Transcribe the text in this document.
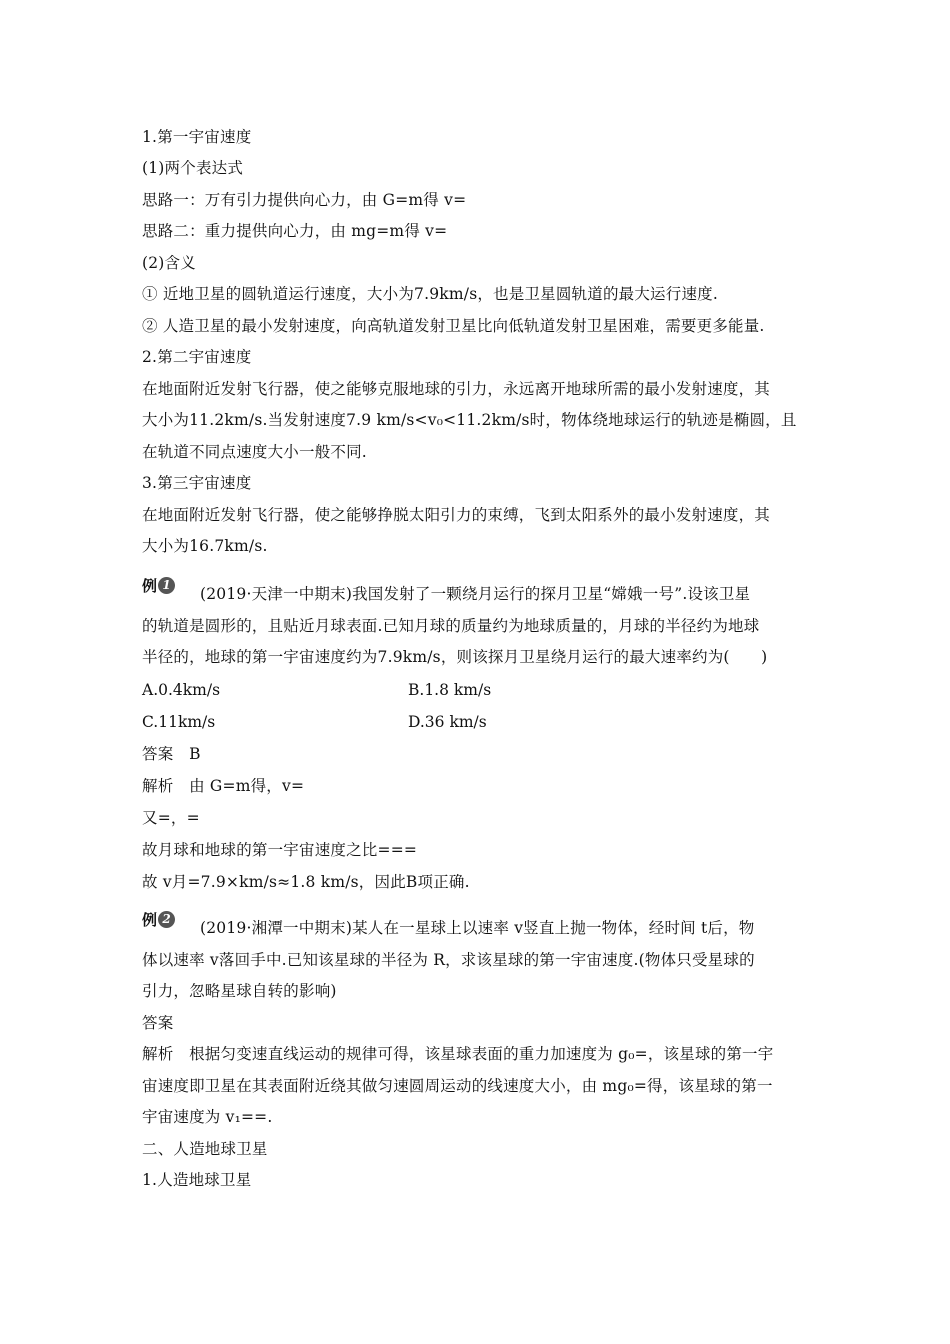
1.第一宇宙速度
(1)两个表达式
思路一：万有引力提供向心力，由 G=m得 v=
思路二：重力提供向心力，由 mg=m得 v=
(2)含义
① 近地卫星的圆轨道运行速度，大小为7.9km/s，也是卫星圆轨道的最大运行速度.
② 人造卫星的最小发射速度，向高轨道发射卫星比向低轨道发射卫星困难，需要更多能量.
2.第二宇宙速度
在地面附近发射飞行器，使之能够克服地球的引力，永远离开地球所需的最小发射速度，其
大小为11.2km/s.当发射速度7.9 km/s<v₀<11.2km/s时，物体绕地球运行的轨迹是椭圆，且
在轨道不同点速度大小一般不同.
3.第三宇宙速度
在地面附近发射飞行器，使之能够挣脱太阳引力的束缚，飞到太阳系外的最小发射速度，其
大小为16.7km/s.
例 1 (2019·天津一中期末)我国发射了一颗绕月运行的探月卫星“嫦娥一号”.设该卫星
的轨道是圆形的，且贴近月球表面.已知月球的质量约为地球质量的，月球的半径约为地球
半径的，地球的第一宇宙速度约为7.9km/s，则该探月卫星绕月运行的最大速率约为(　　)
A.0.4km/s	B.1.8 km/s
C.11km/s	D.36 km/s
答案　B
解析　由 G=m得，v=
又=，=
故月球和地球的第一宇宙速度之比===
故 v月=7.9×km/s≈1.8 km/s，因此B项正确.
例 2 (2019·湘潭一中期末)某人在一星球上以速率 v竖直上抛一物体，经时间 t后，物
体以速率 v落回手中.已知该星球的半径为 R，求该星球的第一宇宙速度.(物体只受星球的
引力，忽略星球自转的影响)
答案
解析　根据匀变速直线运动的规律可得，该星球表面的重力加速度为 g₀=，该星球的第一宇
宙速度即卫星在其表面附近绕其做匀速圆周运动的线速度大小，由 mg₀=得，该星球的第一
宇宙速度为 v₁==.
二、人造地球卫星
1.人造地球卫星
